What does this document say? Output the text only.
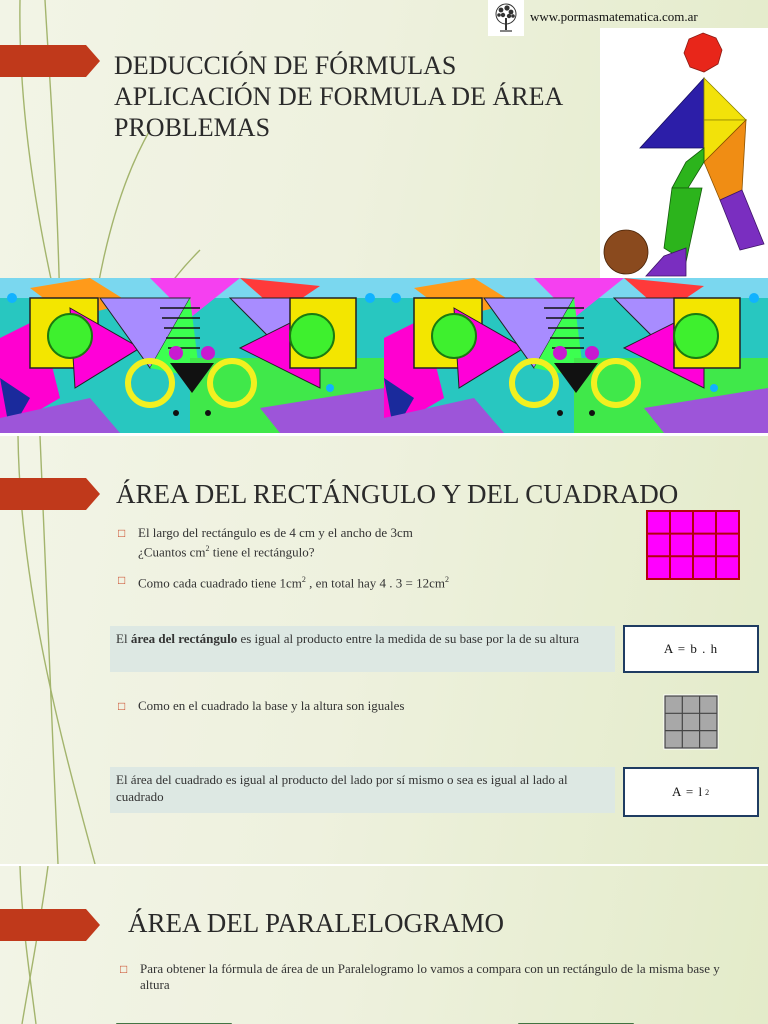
DEDUCCIÓN DE FÓRMULAS
APLICACIÓN DE FORMULA DE ÁREA
PROBLEMAS
www.pormasmatematica.com.ar
ÁREA DEL RECTÁNGULO Y DEL CUADRADO
□ El largo del rectángulo es de 4 cm y el ancho de 3cm
¿Cuantos $cm^2$ tiene el rectángulo?
□ Como cada cuadrado tiene $1cm^2$ , en total hay 4 . $3 = 12cm^2$
El área del rectángulo es igual al producto entre la medida de su base por la de su altura
A = b . h
□ Como en el cuadrado la base y la altura son iguales
El área del cuadrado es igual al producto del lado por sí mismo o sea es igual al lado al cuadrado	A = l 2
ÁREA DEL PARALELOGRAMO
□ Para obtener la fórmula de área de un Paralelogramo lo vamos a compara con un rectángulo de la misma base y altura
